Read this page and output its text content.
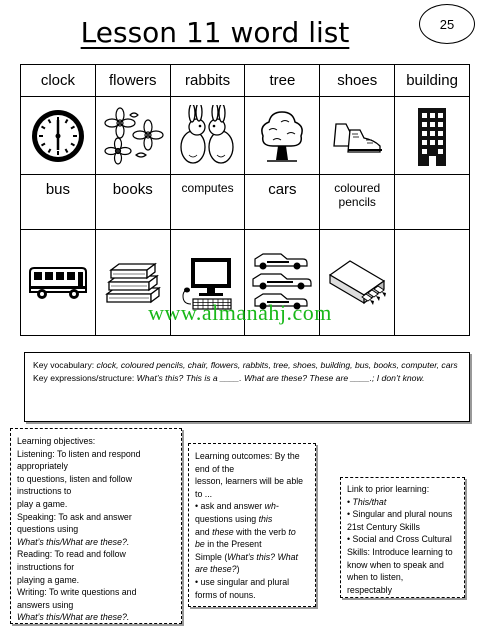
25
Lesson 11 word list
clock	flowers	rabbits	tree	shoes	building

bus	books	computes	cars	coloured pencils	

www.almanahj.com
Key vocabulary: clock, coloured pencils, chair, flowers, rabbits, tree, shoes, building, bus, books, computer, cars
Key expressions/structure: What’s this? This is a ____. What are these? These are ____.; I don’t know.
Learning objectives:
Listening: To listen and respond
appropriately
to questions, listen and follow
instructions to
play a game.
Speaking: To ask and answer
questions using
What’s this/What are these?.
Reading: To read and follow
instructions for
playing a game.
Writing: To write questions and
answers using
What’s this/What are these?.
Learning outcomes: By the
end of the
lesson, learners will be able
to ...
• ask and answer wh-
questions using this
and these with the verb to
be in the Present
Simple (What’s this? What
are these?)
• use singular and plural
forms of nouns.
Link to prior learning:
• This/that
• Singular and plural nouns
21st Century Skills
• Social and Cross Cultural
Skills: Introduce learning to
know when to speak and
when to listen,
respectably
